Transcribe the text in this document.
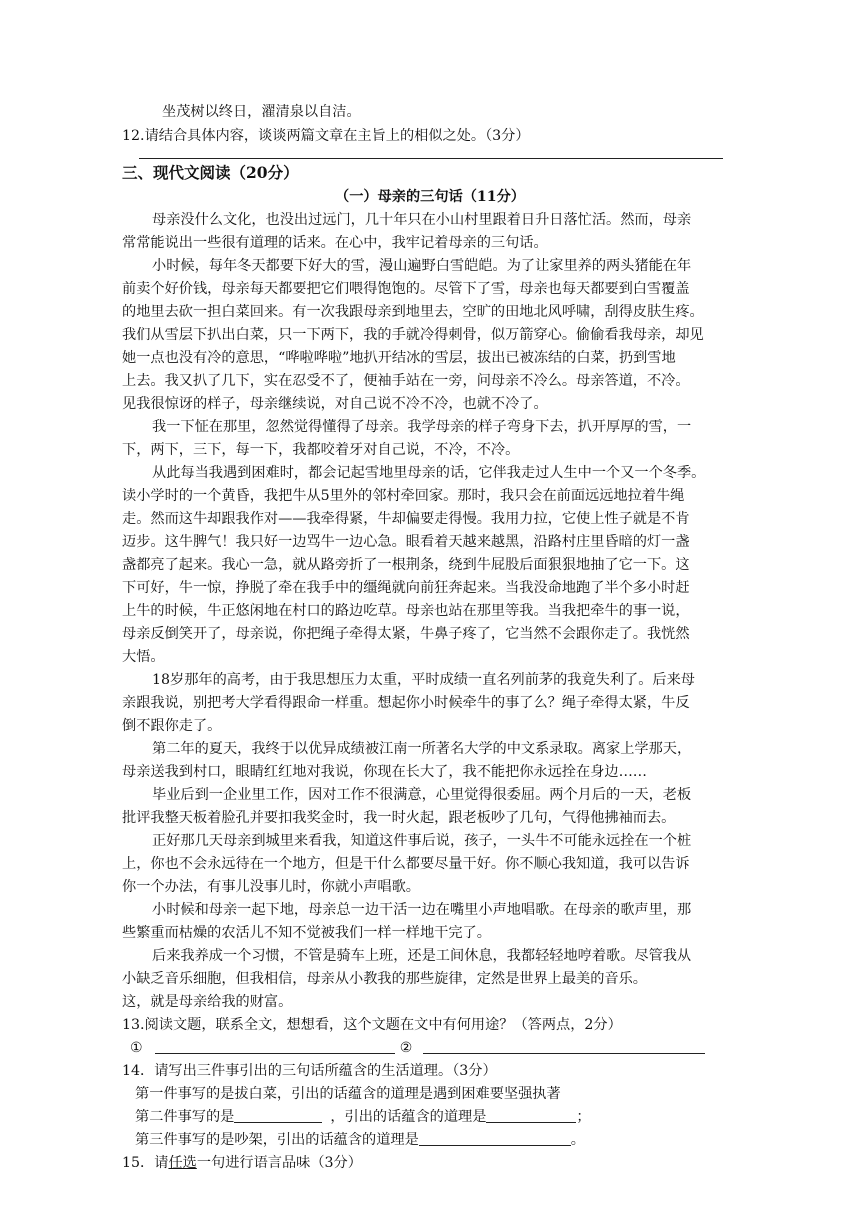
坐茂树以终日，濯清泉以自洁。
12.请结合具体内容，谈谈两篇文章在主旨上的相似之处。（3分）
三、现代文阅读（20分）
（一）母亲的三句话（11分）
母亲没什么文化，也没出过远门，几十年只在小山村里跟着日升日落忙活。然而，母亲
常常能说出一些很有道理的话来。在心中，我牢记着母亲的三句话。
小时候，每年冬天都要下好大的雪，漫山遍野白雪皑皑。为了让家里养的两头猪能在年
前卖个好价钱，母亲每天都要把它们喂得饱饱的。尽管下了雪，母亲也每天都要到白雪覆盖
的地里去砍一担白菜回来。有一次我跟母亲到地里去，空旷的田地北风呼啸，刮得皮肤生疼。
我们从雪层下扒出白菜，只一下两下，我的手就冷得刺骨，似万箭穿心。偷偷看我母亲，却见
她一点也没有冷的意思，“哗啦哗啦”地扒开结冰的雪层，拔出已被冻结的白菜，扔到雪地
上去。我又扒了几下，实在忍受不了，便袖手站在一旁，问母亲不冷么。母亲答道，不冷。
见我很惊讶的样子，母亲继续说，对自己说不冷不冷，也就不冷了。
我一下怔在那里，忽然觉得懂得了母亲。我学母亲的样子弯身下去，扒开厚厚的雪，一
下，两下，三下，每一下，我都咬着牙对自己说，不冷，不冷。
从此每当我遇到困难时，都会记起雪地里母亲的话，它伴我走过人生中一个又一个冬季。
读小学时的一个黄昏，我把牛从5里外的邻村牵回家。那时，我只会在前面远远地拉着牛绳
走。然而这牛却跟我作对——我牵得紧，牛却偏要走得慢。我用力拉，它使上性子就是不肯
迈步。这牛脾气！我只好一边骂牛一边心急。眼看着天越来越黑，沿路村庄里昏暗的灯一盏
盏都亮了起来。我心一急，就从路旁折了一根荆条，绕到牛屁股后面狠狠地抽了它一下。这
下可好，牛一惊，挣脱了牵在我手中的缰绳就向前狂奔起来。当我没命地跑了半个多小时赶
上牛的时候，牛正悠闲地在村口的路边吃草。母亲也站在那里等我。当我把牵牛的事一说，
母亲反倒笑开了，母亲说，你把绳子牵得太紧，牛鼻子疼了，它当然不会跟你走了。我恍然
大悟。
18岁那年的高考，由于我思想压力太重，平时成绩一直名列前茅的我竟失利了。后来母
亲跟我说，别把考大学看得跟命一样重。想起你小时候牵牛的事了么？绳子牵得太紧，牛反
倒不跟你走了。
第二年的夏天，我终于以优异成绩被江南一所著名大学的中文系录取。离家上学那天，
母亲送我到村口，眼睛红红地对我说，你现在长大了，我不能把你永远拴在身边……
毕业后到一企业里工作，因对工作不很满意，心里觉得很委屈。两个月后的一天，老板
批评我整天板着脸孔并要扣我奖金时，我一时火起，跟老板吵了几句，气得他拂袖而去。
正好那几天母亲到城里来看我，知道这件事后说，孩子，一头牛不可能永远拴在一个桩
上，你也不会永远待在一个地方，但是干什么都要尽量干好。你不顺心我知道，我可以告诉
你一个办法，有事儿没事儿时，你就小声唱歌。
小时候和母亲一起下地，母亲总一边干活一边在嘴里小声地唱歌。在母亲的歌声里，那
些繁重而枯燥的农活儿不知不觉被我们一样一样地干完了。
后来我养成一个习惯，不管是骑车上班，还是工间休息，我都轻轻地哼着歌。尽管我从
小缺乏音乐细胞，但我相信，母亲从小教我的那些旋律，定然是世界上最美的音乐。
这，就是母亲给我的财富。
13.阅读文题，联系全文，想想看，这个文题在文中有何用途？（答两点，2分）
①	②
14．请写出三件事引出的三句话所蕴含的生活道理。（3分）
第一件事写的是拔白菜，引出的话蕴含的道理是遇到困难要坚强执著
第二件事写的是	，引出的话蕴含的道理是	；
第三件事写的是吵架，引出的话蕴含的道理是	。
15．请任选一句进行语言品味（3分）
